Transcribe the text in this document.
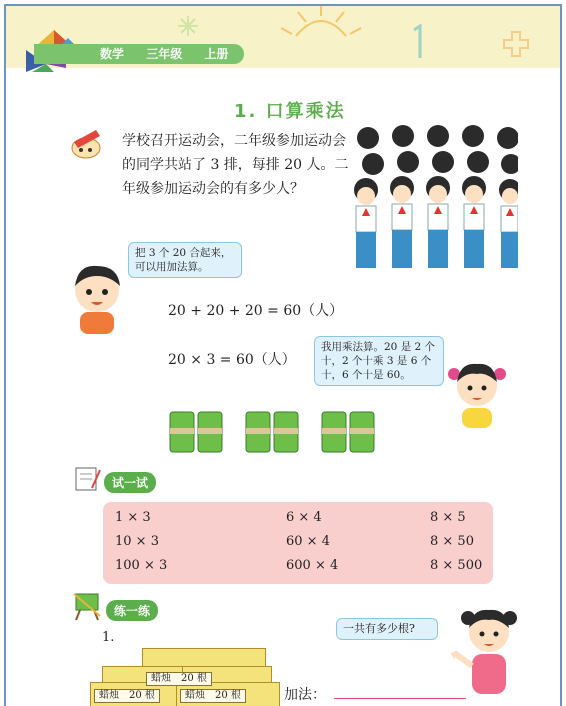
数学 三年级 上册
1. 口算乘法
学校召开运动会，二年级参加运动会的同学共站了 3 排，每排 20 人。二年级参加运动会的有多少人？
把 3 个 20 合起来，可以用加法算。
20 + 20 + 20 = 60（人）
20 × 3 = 60（人）
我用乘法算。20 是 2 个十，2 个十乘 3 是 6 个十，6 个十是 60。
试一试
1 × 3	6 × 4	8 × 5
10 × 3	60 × 4	8 × 50
100 × 3	600 × 4	8 × 500
练一练
1.
一共有多少根?
蜡烛　20 根
蜡烛　20 根	蜡烛　20 根	加法：
